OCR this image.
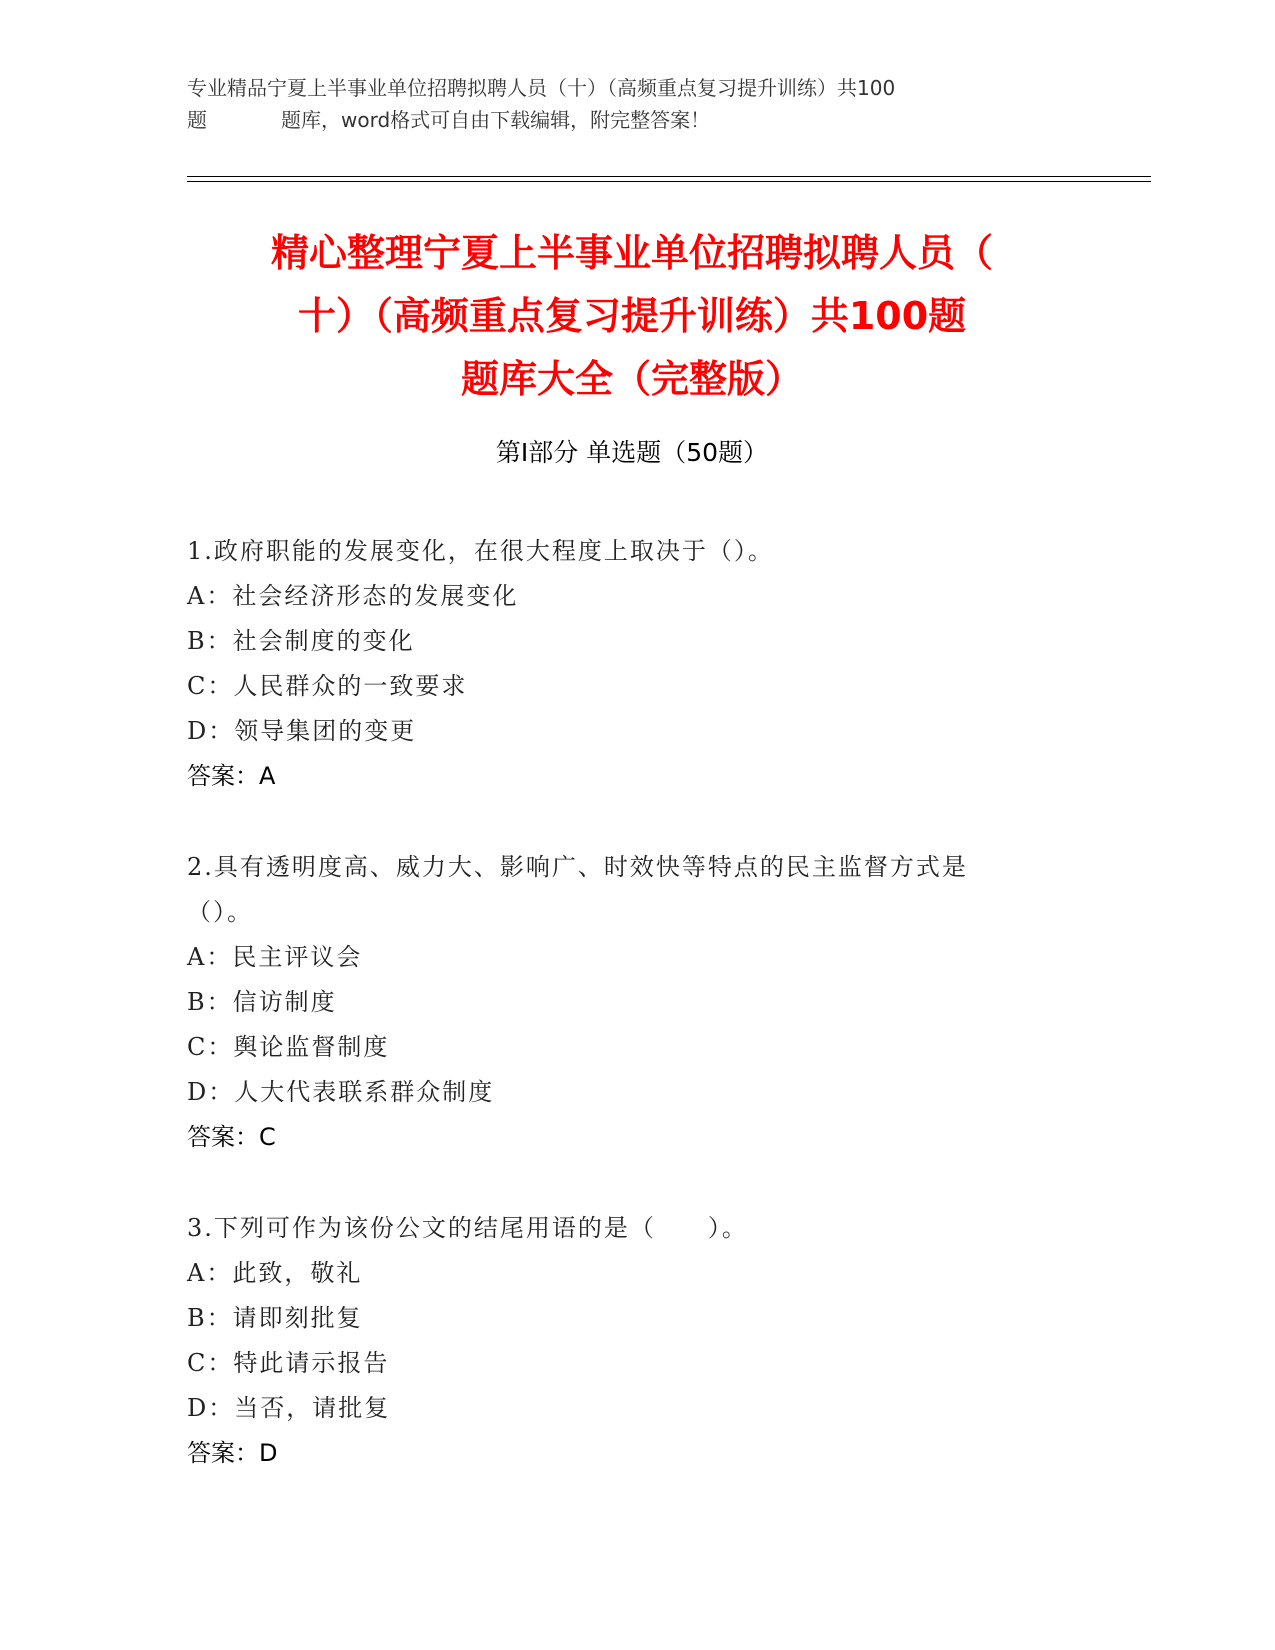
专业精品宁夏上半事业单位招聘拟聘人员（十）（高频重点复习提升训练）共100
题	题库，word格式可自由下载编辑，附完整答案！
精心整理宁夏上半事业单位招聘拟聘人员（
十）（高频重点复习提升训练）共100题
题库大全（完整版）
第Ⅰ部分 单选题（50题）
1.政府职能的发展变化，在很大程度上取决于（）。
A：社会经济形态的发展变化
B：社会制度的变化
C：人民群众的一致要求
D：领导集团的变更
答案：A
2.具有透明度高、威力大、影响广、时效快等特点的民主监督方式是
（）。
A：民主评议会
B：信访制度
C：舆论监督制度
D：人大代表联系群众制度
答案：C
3.下列可作为该份公文的结尾用语的是（　　）。
A：此致，敬礼
B：请即刻批复
C：特此请示报告
D：当否，请批复
答案：D
